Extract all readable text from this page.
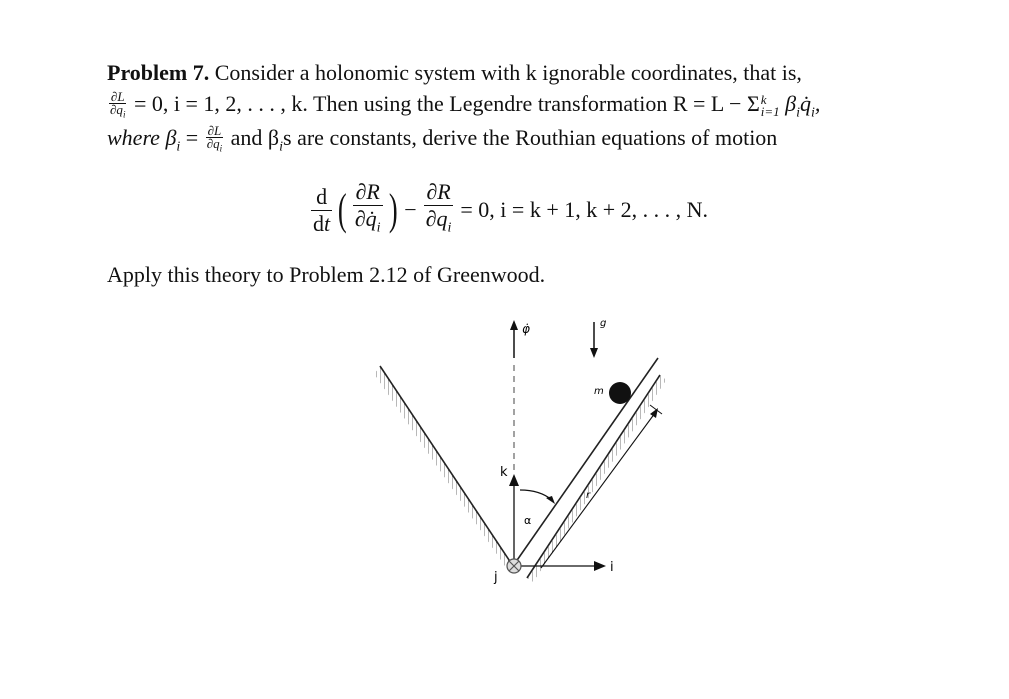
Problem 7. Consider a holonomic system with k ignorable coordinates, that is,
$\frac{\partial L}{\partial q_i} = 0$, i = 1, 2, . . . , k. Then using the Legendre transformation R = L − Σ k
i=1 $\beta_iq̇_i$,
where $\beta_i = \frac{\partial L}{\partial q_i}$ and $\beta_is$ are constants, derive the Routhian equations of motion
d
dt ( ∂R
$\partial q̇_i$ ) − $\frac{\partial R}{\partial q_i} = 0$, i = k + 1, k + 2, . . . , N.
Apply this theory to Problem 2.12 of Greenwood.
φ̇	g
m
k
α
r
i
j
